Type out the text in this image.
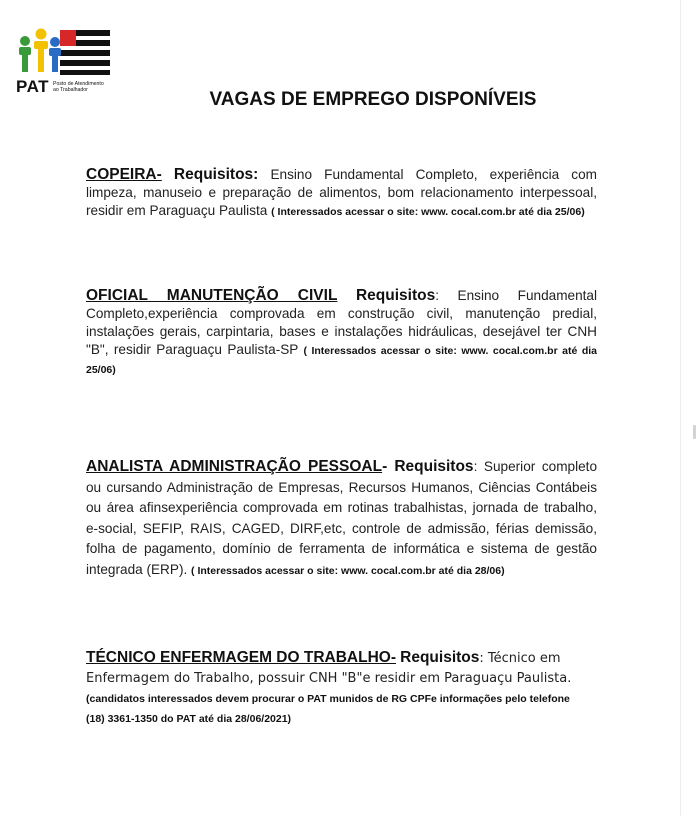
PAT Posto de Atendimento ao Trabalhador	VAGAS DE EMPREGO DISPONÍVEIS
COPEIRA- Requisitos: Ensino Fundamental Completo, experiência com limpeza, manuseio e preparação de alimentos, bom relacionamento interpessoal, residir em Paraguaçu Paulista ( Interessados acessar o site: www. cocal.com.br até dia 25/06)
OFICIAL MANUTENÇÃO CIVIL Requisitos: Ensino Fundamental Completo,experiência comprovada em construção civil, manutenção predial, instalações gerais, carpintaria, bases e instalações hidráulicas, desejável ter CNH "B", residir Paraguaçu Paulista-SP ( Interessados acessar o site: www. cocal.com.br até dia 25/06)
ANALISTA ADMINISTRAÇÃO PESSOAL- Requisitos: Superior completo ou cursando Administração de Empresas, Recursos Humanos, Ciências Contábeis ou área afinsexperiência comprovada em rotinas trabalhistas, jornada de trabalho, e-social, SEFIP, RAIS, CAGED, DIRF,etc, controle de admissão, férias demissão, folha de pagamento, domínio de ferramenta de informática e sistema de gestão integrada (ERP). ( Interessados acessar o site: www. cocal.com.br até dia 28/06)
TÉCNICO ENFERMAGEM DO TRABALHO- Requisitos: Técnico em Enfermagem do Trabalho, possuir CNH "B"e residir em Paraguaçu Paulista. (candidatos interessados devem procurar o PAT munidos de RG CPFe informações pelo telefone (18) 3361-1350 do PAT até dia 28/06/2021)
